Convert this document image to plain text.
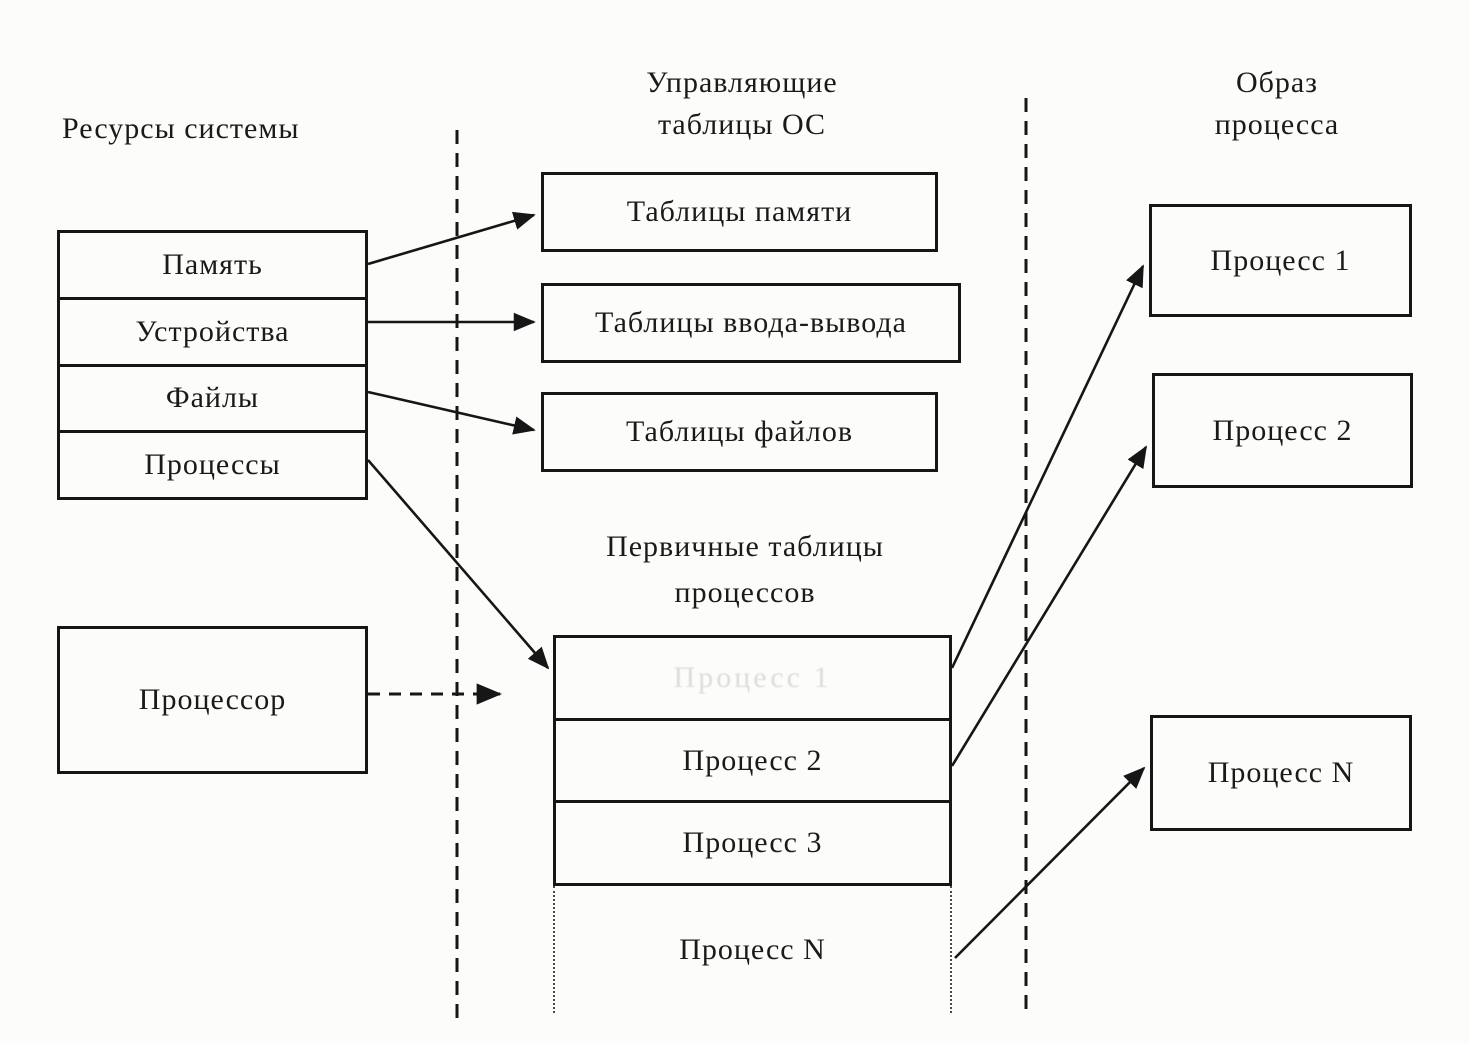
Ресурсы системы
Управляющие
таблицы ОС
Образ
процесса
Память
Устройства
Файлы
Процессы
Процессор
Таблицы памяти
Таблицы ввода-вывода
Таблицы файлов
Первичные таблицы
процессов
Процесс 1
Процесс 2
Процесс 3
Процесс N
Процесс 1
Процесс 2
Процесс N
